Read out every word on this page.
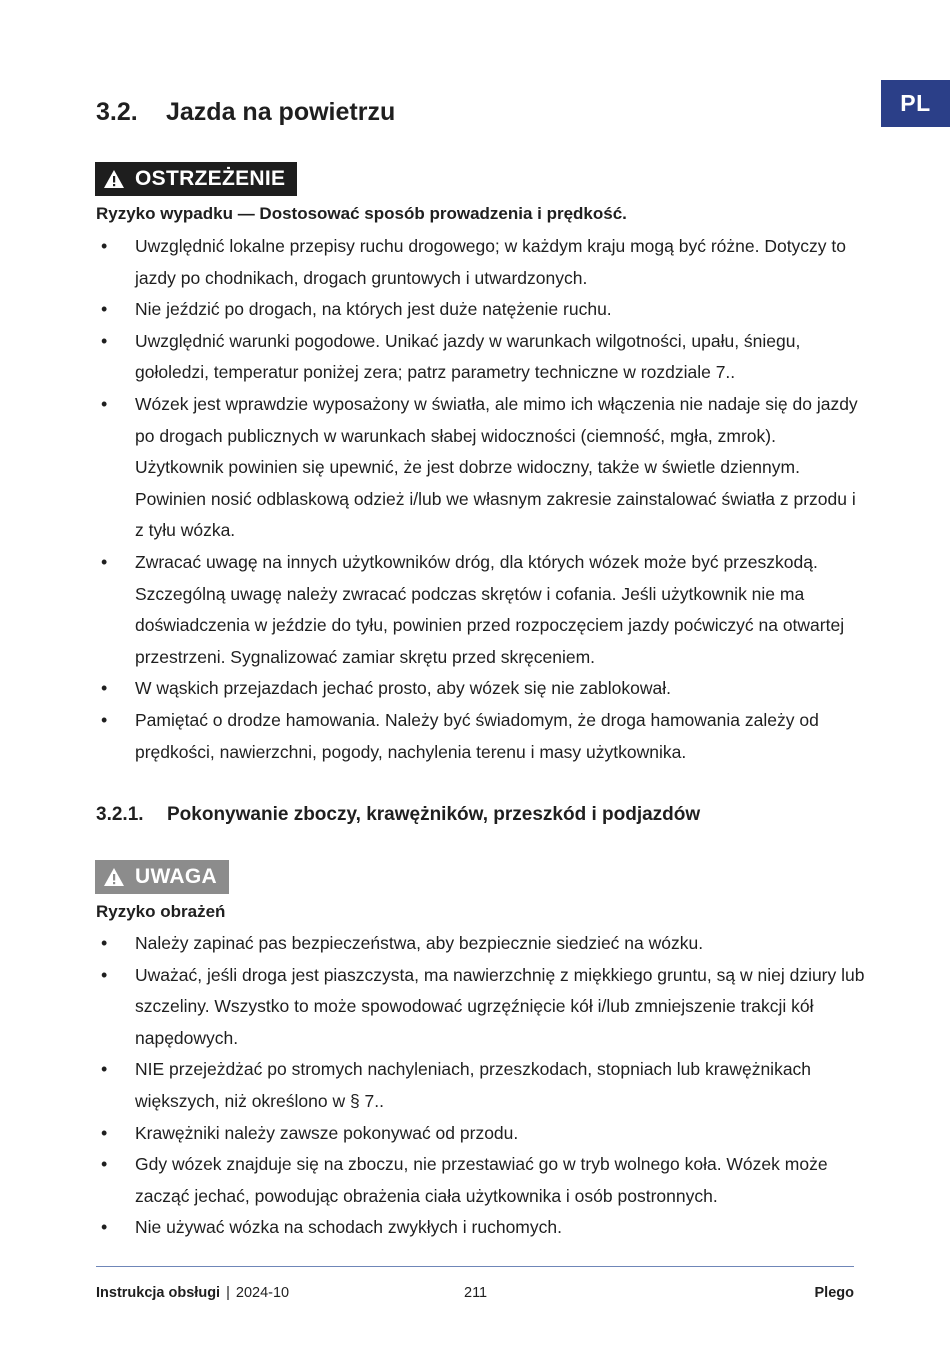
PL
3.2. Jazda na powietrzu
OSTRZEŻENIE

Ryzyko wypadku — Dostosować sposób prowadzenia i prędkość.

• Uwzględnić lokalne przepisy ruchu drogowego; w każdym kraju mogą być różne. Dotyczy to jazdy po chodnikach, drogach gruntowych i utwardzonych.
• Nie jeździć po drogach, na których jest duże natężenie ruchu.
• Uwzględnić warunki pogodowe. Unikać jazdy w warunkach wilgotności, upału, śniegu, gołoledzi, temperatur poniżej zera; patrz parametry techniczne w rozdziale 7..
• Wózek jest wprawdzie wyposażony w światła, ale mimo ich włączenia nie nadaje się do jazdy po drogach publicznych w warunkach słabej widoczności (ciemność, mgła, zmrok). Użytkownik powinien się upewnić, że jest dobrze widoczny, także w świetle dziennym. Powinien nosić odblaskową odzież i/lub we własnym zakresie zainstalować światła z przodu i z tyłu wózka.
• Zwracać uwagę na innych użytkowników dróg, dla których wózek może być przeszkodą. Szczególną uwagę należy zwracać podczas skrętów i cofania. Jeśli użytkownik nie ma doświadczenia w jeździe do tyłu, powinien przed rozpoczęciem jazdy poćwiczyć na otwartej przestrzeni. Sygnalizować zamiar skrętu przed skręceniem.
• W wąskich przejazdach jechać prosto, aby wózek się nie zablokował.
• Pamiętać o drodze hamowania. Należy być świadomym, że droga hamowania zależy od prędkości, nawierzchni, pogody, nachylenia terenu i masy użytkownika.
3.2.1. Pokonywanie zboczy, krawężników, przeszkód i podjazdów
UWAGA

Ryzyko obrażeń

• Należy zapinać pas bezpieczeństwa, aby bezpiecznie siedzieć na wózku.
• Uważać, jeśli droga jest piaszczysta, ma nawierzchnię z miękkiego gruntu, są w niej dziury lub szczeliny. Wszystko to może spowodować ugrzęźnięcie kół i/lub zmniejszenie trakcji kół napędowych.
• NIE przejeżdżać po stromych nachyleniach, przeszkodach, stopniach lub krawężnikach większych, niż określono w § 7..
• Krawężniki należy zawsze pokonywać od przodu.
• Gdy wózek znajduje się na zboczu, nie przestawiać go w tryb wolnego koła. Wózek może zacząć jechać, powodując obrażenia ciała użytkownika i osób postronnych.
• Nie używać wózka na schodach zwykłych i ruchomych.
Instrukcja obsługi | 2024-10	211	Plego
